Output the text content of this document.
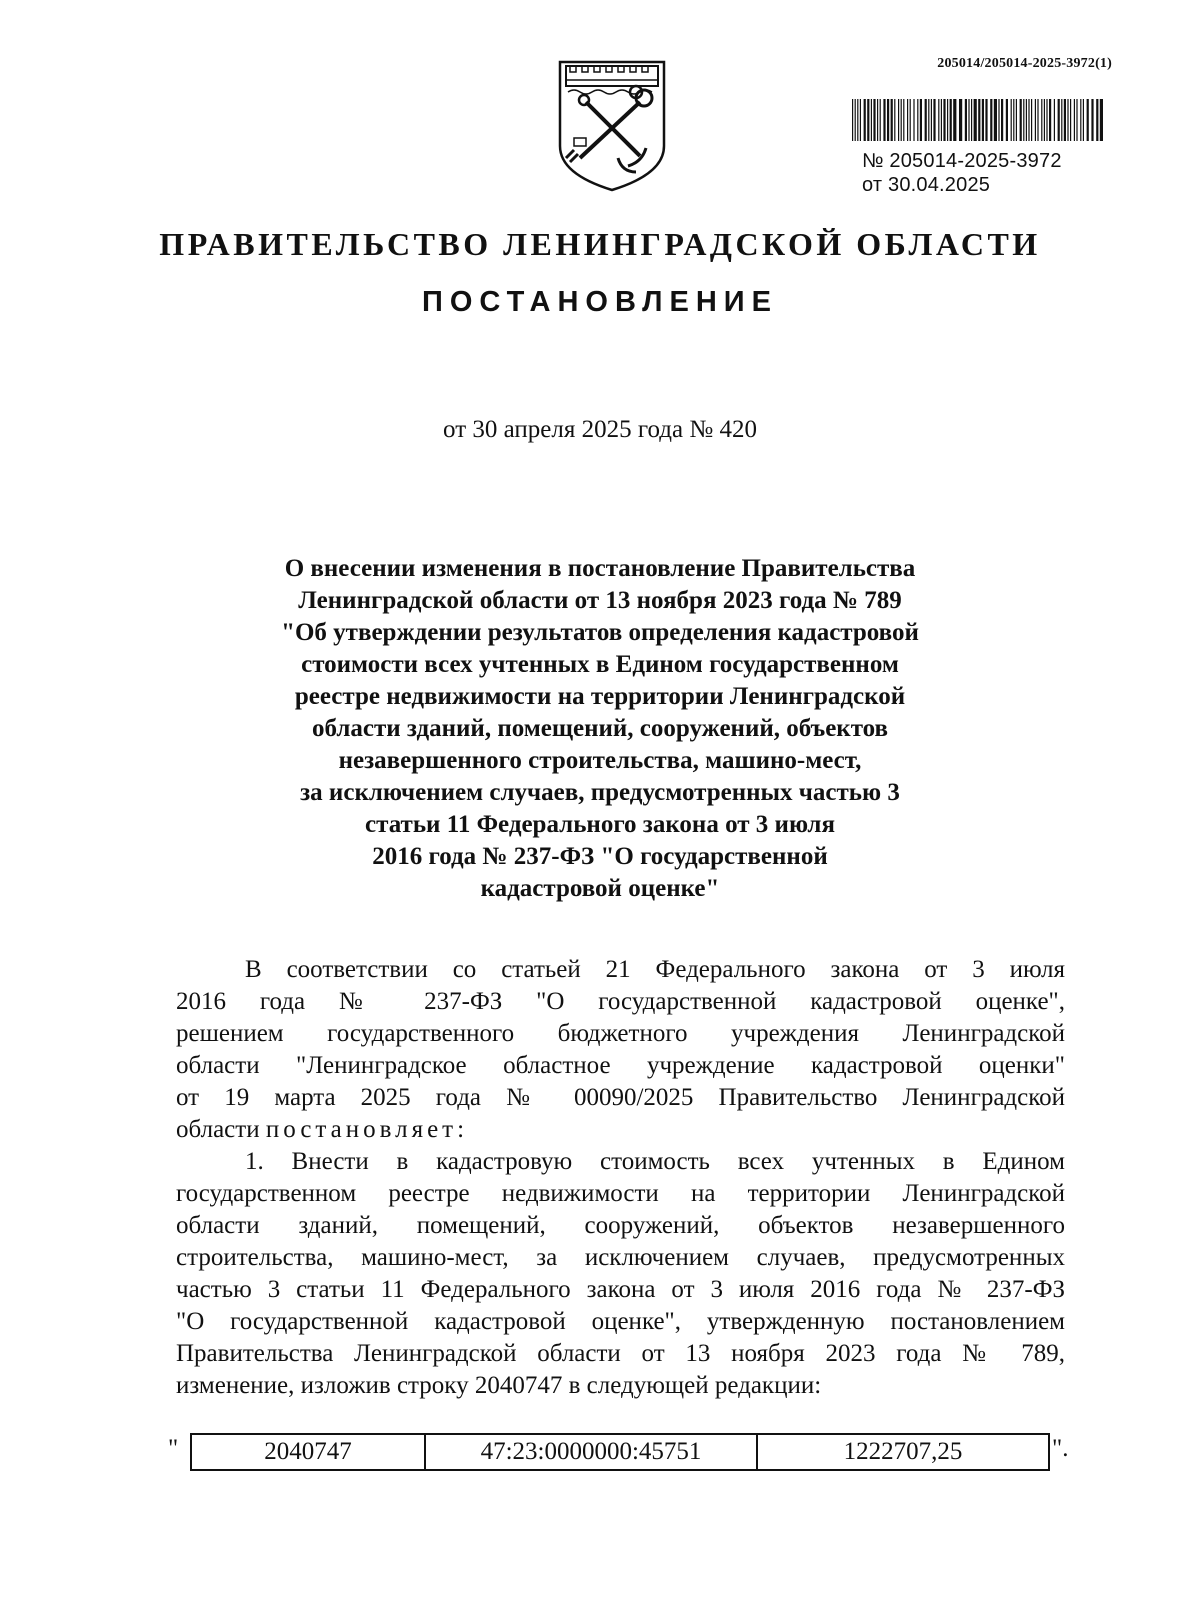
205014/205014-2025-3972(1)
№ 205014-2025-3972
от 30.04.2025
ПРАВИТЕЛЬСТВО ЛЕНИНГРАДСКОЙ ОБЛАСТИ
ПОСТАНОВЛЕНИЕ
от 30 апреля 2025 года № 420
О внесении изменения в постановление Правительства
Ленинградской области от 13 ноября 2023 года № 789
"Об утверждении результатов определения кадастровой
стоимости всех учтенных в Едином государственном
реестре недвижимости на территории Ленинградской
области зданий, помещений, сооружений, объектов
незавершенного строительства, машино-мест,
за исключением случаев, предусмотренных частью 3
статьи 11 Федерального закона от 3 июля
2016 года № 237-ФЗ "О государственной
кадастровой оценке"
В соответствии со статьей 21 Федерального закона от 3 июля
2016 года № 237-ФЗ "О государственной кадастровой оценке",
решением государственного бюджетного учреждения Ленинградской
области "Ленинградское областное учреждение кадастровой оценки"
от 19 марта 2025 года № 00090/2025 Правительство Ленинградской
области постановляет:
1. Внести в кадастровую стоимость всех учтенных в Едином
государственном реестре недвижимости на территории Ленинградской
области зданий, помещений, сооружений, объектов незавершенного
строительства, машино-мест, за исключением случаев, предусмотренных
частью 3 статьи 11 Федерального закона от 3 июля 2016 года № 237-ФЗ
"О государственной кадастровой оценке", утвержденную постановлением
Правительства Ленинградской области от 13 ноября 2023 года № 789,
изменение, изложив строку 2040747 в следующей редакции:
"	2040747	47:23:0000000:45751	1222707,25	".
